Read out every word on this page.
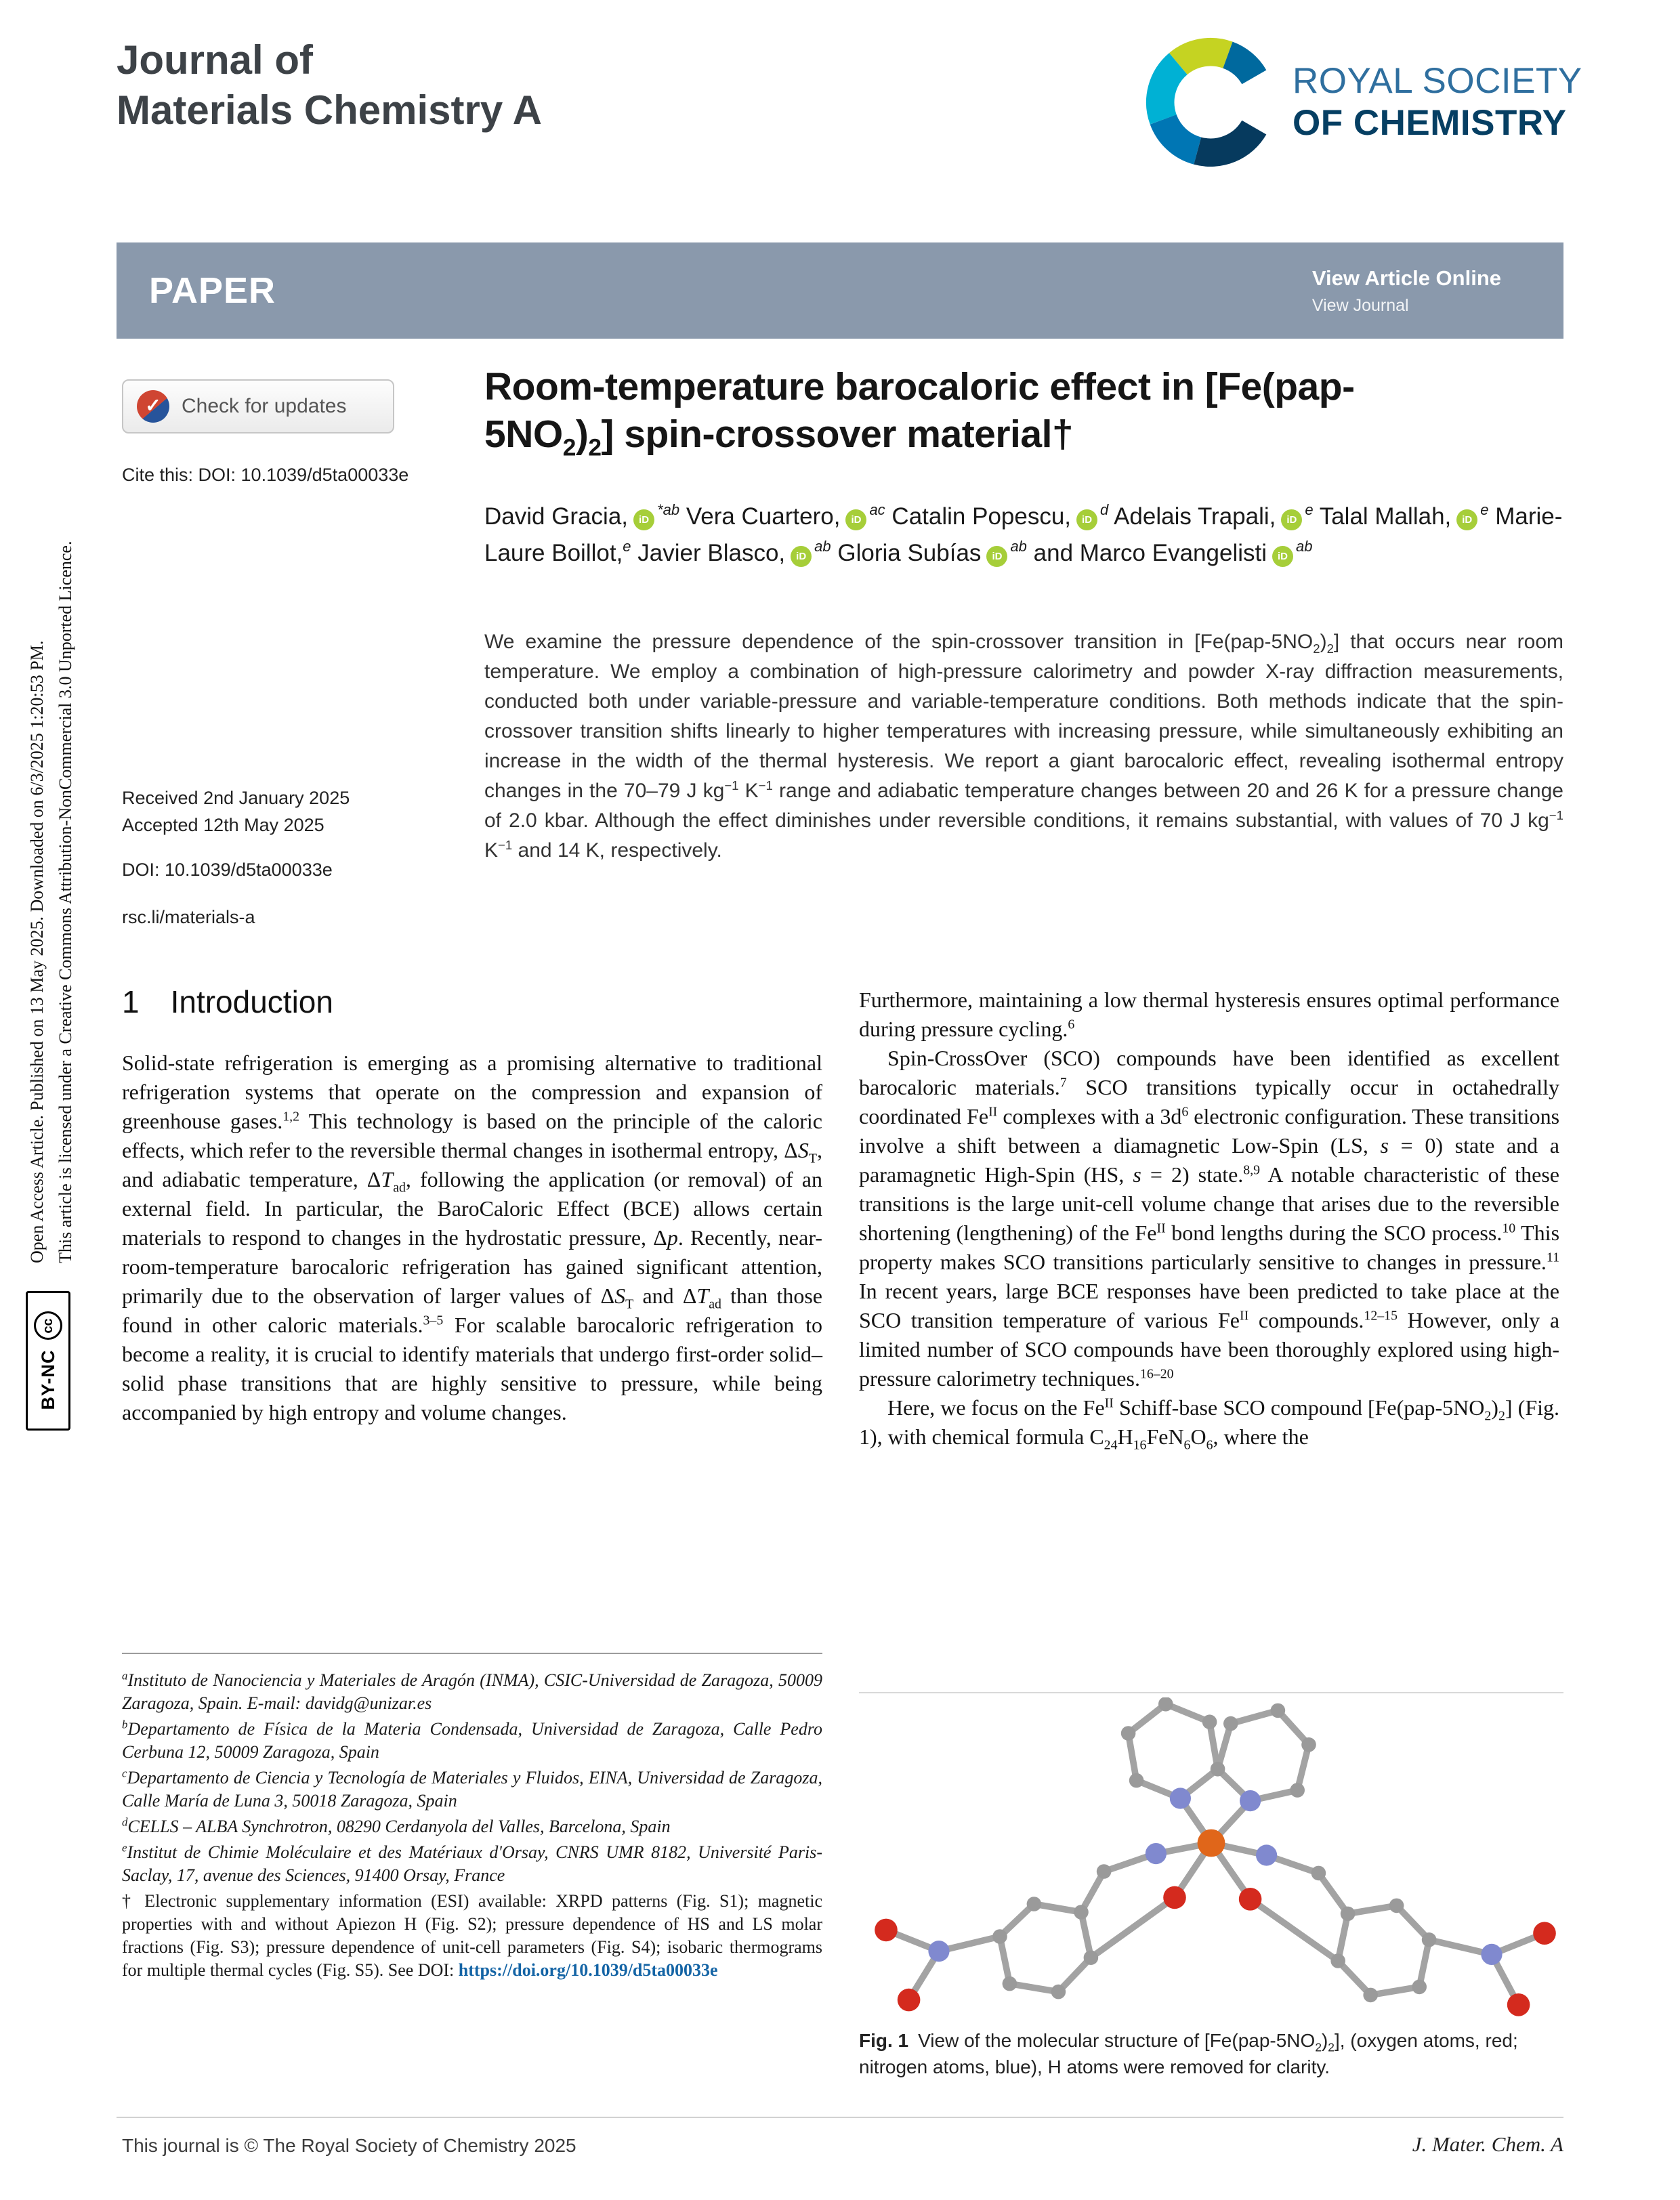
Journal of
Materials Chemistry A
ROYAL SOCIETY
OF CHEMISTRY
PAPER	View Article Online
View Journal
Open Access Article. Published on 13 May 2025. Downloaded on 6/3/2025 1:20:53 PM. This article is licensed under a Creative Commons Attribution-NonCommercial 3.0 Unported Licence.
BY-NC
cc
✓
Check for updates
Cite this: DOI: 10.1039/d5ta00033e
Room-temperature barocaloric effect in [Fe(pap-
$5NO_2)_2$] spin-crossover material†
David Gracia, $iD^{*ab}$ Vera Cuartero, $iD^{ac}$ Catalin Popescu, $iD^d$ Adelais Trapali, $iD^e$ Talal Mallah, $iD^e$ Marie-Laure Boillot,$^e$ Javier Blasco, $iD^{ab}$ Gloria Subías $iD^{ab}$ and Marco Evangelisti $iD^{ab}$
We examine the pressure dependence of the spin-crossover transition in $[Fe(pap-5NO_2)_2]$ that occurs near room temperature. We employ a combination of high-pressure calorimetry and powder X-ray diffraction measurements, conducted both under variable-pressure and variable-temperature conditions. Both methods indicate that the spin-crossover transition shifts linearly to higher temperatures with increasing pressure, while simultaneously exhibiting an increase in the width of the thermal hysteresis. We report a giant barocaloric effect, revealing isothermal entropy changes in the 70–79 J $kg^{-1}$ $K^{-1}$ range and adiabatic temperature changes between 20 and 26 K for a pressure change of 2.0 kbar. Although the effect diminishes under reversible conditions, it remains substantial, with values of 70 J $kg^{-1}$ $K^{-1}$ and 14 K, respectively.
Received 2nd January 2025
Accepted 12th May 2025
DOI: 10.1039/d5ta00033e
rsc.li/materials-a
1 Introduction

Solid-state refrigeration is emerging as a promising alternative to traditional refrigeration systems that operate on the compression and expansion of greenhouse gases.$^{1,2}$ This technology is based on the principle of the caloric effects, which refer to the reversible thermal changes in isothermal entropy, $\Delta S_T$, and adiabatic temperature, $\Delta T_{ad}$, following the application (or removal) of an external field. In particular, the BaroCaloric Effect (BCE) allows certain materials to respond to changes in the hydrostatic pressure, Δp. Recently, near-room-temperature barocaloric refrigeration has gained significant attention, primarily due to the observation of larger values of $\Delta S_T$ and $\Delta T_{ad}$ than those found in other caloric materials.$^{3-5}$ For scalable barocaloric refrigeration to become a reality, it is crucial to identify materials that undergo first-order solid–solid phase transitions that are highly sensitive to pressure, while being accompanied by high entropy and volume changes.

Furthermore, maintaining a low thermal hysteresis ensures optimal performance during pressure cycling.$^6$

Spin-CrossOver (SCO) compounds have been identified as excellent barocaloric materials.$^7$ SCO transitions typically occur in octahedrally coordinated $Fe^{II}$ complexes with a $3d^6$ electronic configuration. These transitions involve a shift between a diamagnetic Low-Spin (LS, s = 0) state and a paramagnetic High-Spin (HS, s = 2) state.$^{8,9}$ A notable characteristic of these transitions is the large unit-cell volume change that arises due to the reversible shortening (lengthening) of the $Fe^{II}$ bond lengths during the SCO process.$^{10}$ This property makes SCO transitions particularly sensitive to changes in pressure.$^{11}$ In recent years, large BCE responses have been predicted to take place at the SCO transition temperature of various $Fe^{II}$ compounds.$^{12-15}$ However, only a limited number of SCO compounds have been thoroughly explored using high-pressure calorimetry techniques.$^{16-20}$

Here, we focus on the $Fe^{II}$ Schiff-base SCO compound $[Fe(pap-5NO_2)_2]$ (Fig. 1), with chemical formula $C_{24}H_{16}FeN_6O_6$, where the

$^a$Instituto de Nanociencia y Materiales de Aragón (INMA), CSIC-Universidad de Zaragoza, 50009 Zaragoza, Spain. E-mail: davidg@unizar.es

$^b$Departamento de Física de la Materia Condensada, Universidad de Zaragoza, Calle Pedro Cerbuna 12, 50009 Zaragoza, Spain

$^c$Departamento de Ciencia y Tecnología de Materiales y Fluidos, EINA, Universidad de Zaragoza, Calle María de Luna 3, 50018 Zaragoza, Spain

$^d$CELLS – ALBA Synchrotron, 08290 Cerdanyola del Valles, Barcelona, Spain

$^e$Institut de Chimie Moléculaire et des Matériaux d'Orsay, CNRS UMR 8182, Université Paris-Saclay, 17, avenue des Sciences, 91400 Orsay, France

† Electronic supplementary information (ESI) available: XRPD patterns (Fig. S1); magnetic properties with and without Apiezon H (Fig. S2); pressure dependence of HS and LS molar fractions (Fig. S3); pressure dependence of unit-cell parameters (Fig. S4); isobaric thermograms for multiple thermal cycles (Fig. S5). See DOI: https://doi.org/10.1039/d5ta00033e

Fig. 1 View of the molecular structure of $[Fe(pap-5NO_2)_2]$, (oxygen atoms, red; nitrogen atoms, blue), H atoms were removed for clarity.
This journal is © The Royal Society of Chemistry 2025	J. Mater. Chem. A
